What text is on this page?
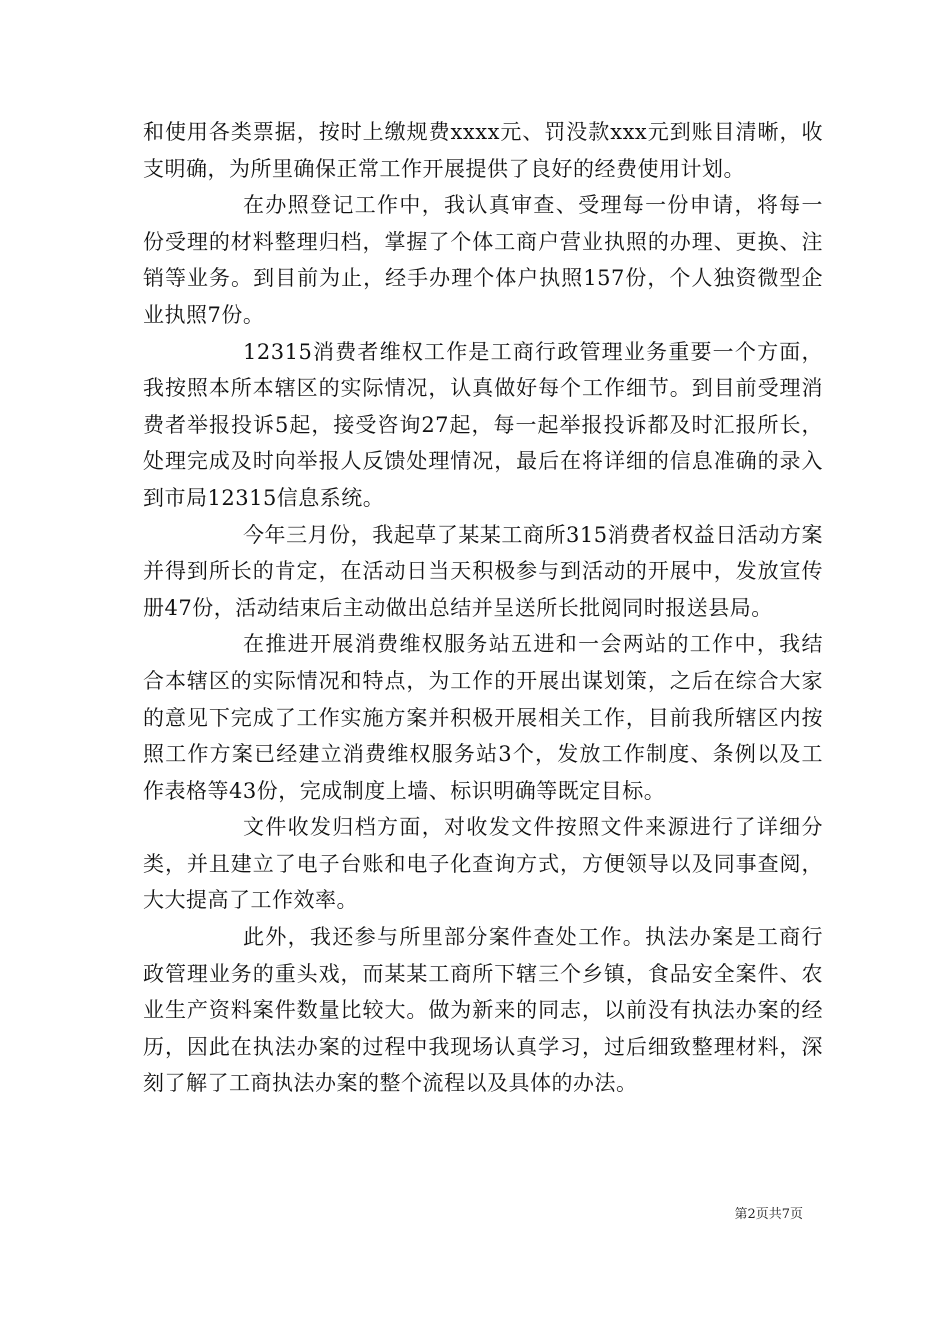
和使用各类票据，按时上缴规费xxxx元、罚没款xxx元到账目清晰，收支明确，为所里确保正常工作开展提供了良好的经费使用计划。

在办照登记工作中，我认真审查、受理每一份申请，将每一份受理的材料整理归档，掌握了个体工商户营业执照的办理、更换、注销等业务。到目前为止，经手办理个体户执照157份，个人独资微型企业执照7份。

12315消费者维权工作是工商行政管理业务重要一个方面，我按照本所本辖区的实际情况，认真做好每个工作细节。到目前受理消费者举报投诉5起，接受咨询27起，每一起举报投诉都及时汇报所长，处理完成及时向举报人反馈处理情况，最后在将详细的信息准确的录入到市局12315信息系统。

今年三月份，我起草了某某工商所315消费者权益日活动方案并得到所长的肯定，在活动日当天积极参与到活动的开展中，发放宣传册47份，活动结束后主动做出总结并呈送所长批阅同时报送县局。

在推进开展消费维权服务站五进和一会两站的工作中，我结合本辖区的实际情况和特点，为工作的开展出谋划策，之后在综合大家的意见下完成了工作实施方案并积极开展相关工作，目前我所辖区内按照工作方案已经建立消费维权服务站3个，发放工作制度、条例以及工作表格等43份，完成制度上墙、标识明确等既定目标。

文件收发归档方面，对收发文件按照文件来源进行了详细分类，并且建立了电子台账和电子化查询方式，方便领导以及同事查阅，大大提高了工作效率。

此外，我还参与所里部分案件查处工作。执法办案是工商行政管理业务的重头戏，而某某工商所下辖三个乡镇，食品安全案件、农业生产资料案件数量比较大。做为新来的同志，以前没有执法办案的经历，因此在执法办案的过程中我现场认真学习，过后细致整理材料，深刻了解了工商执法办案的整个流程以及具体的办法。

第2页共7页
